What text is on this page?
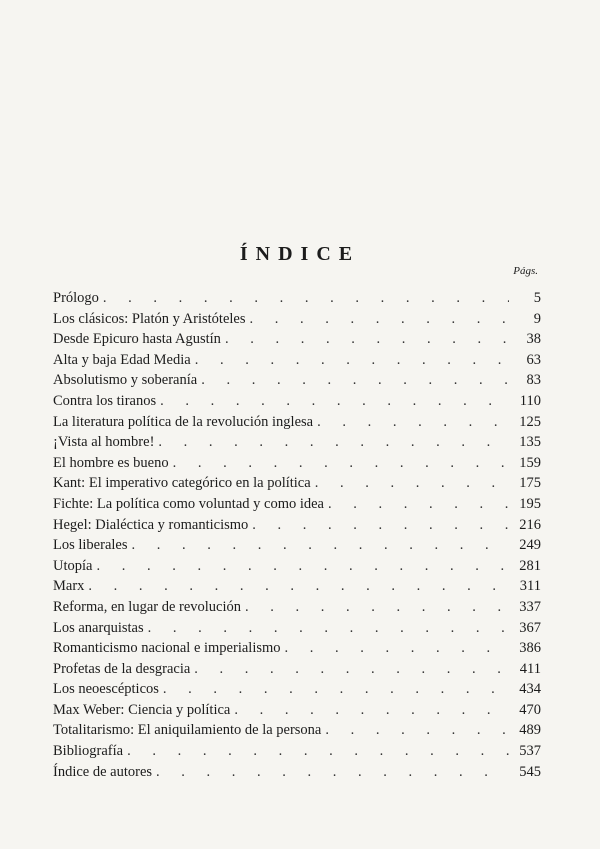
ÍNDICE
Págs.
Prólogo . . .	5
Los clásicos: Platón y Aristóteles . . .	9
Desde Epicuro hasta Agustín . . .	38
Alta y baja Edad Media . . .	63
Absolutismo y soberanía . . .	83
Contra los tiranos . . .	110
La literatura política de la revolución inglesa . . .	125
¡Vista al hombre! . . .	135
El hombre es bueno . . .	159
Kant: El imperativo categórico en la política . . .	175
Fichte: La política como voluntad y como idea . . .	195
Hegel: Dialéctica y romanticismo . . .	216
Los liberales . . .	249
Utopía . . .	281
Marx . . .	311
Reforma, en lugar de revolución . . .	337
Los anarquistas . . .	367
Romanticismo nacional e imperialismo . . .	386
Profetas de la desgracia . . .	411
Los neoescépticos . . .	434
Max Weber: Ciencia y política . . .	470
Totalitarismo: El aniquilamiento de la persona . . .	489
Bibliografía . . .	537
Índice de autores . . .	545
